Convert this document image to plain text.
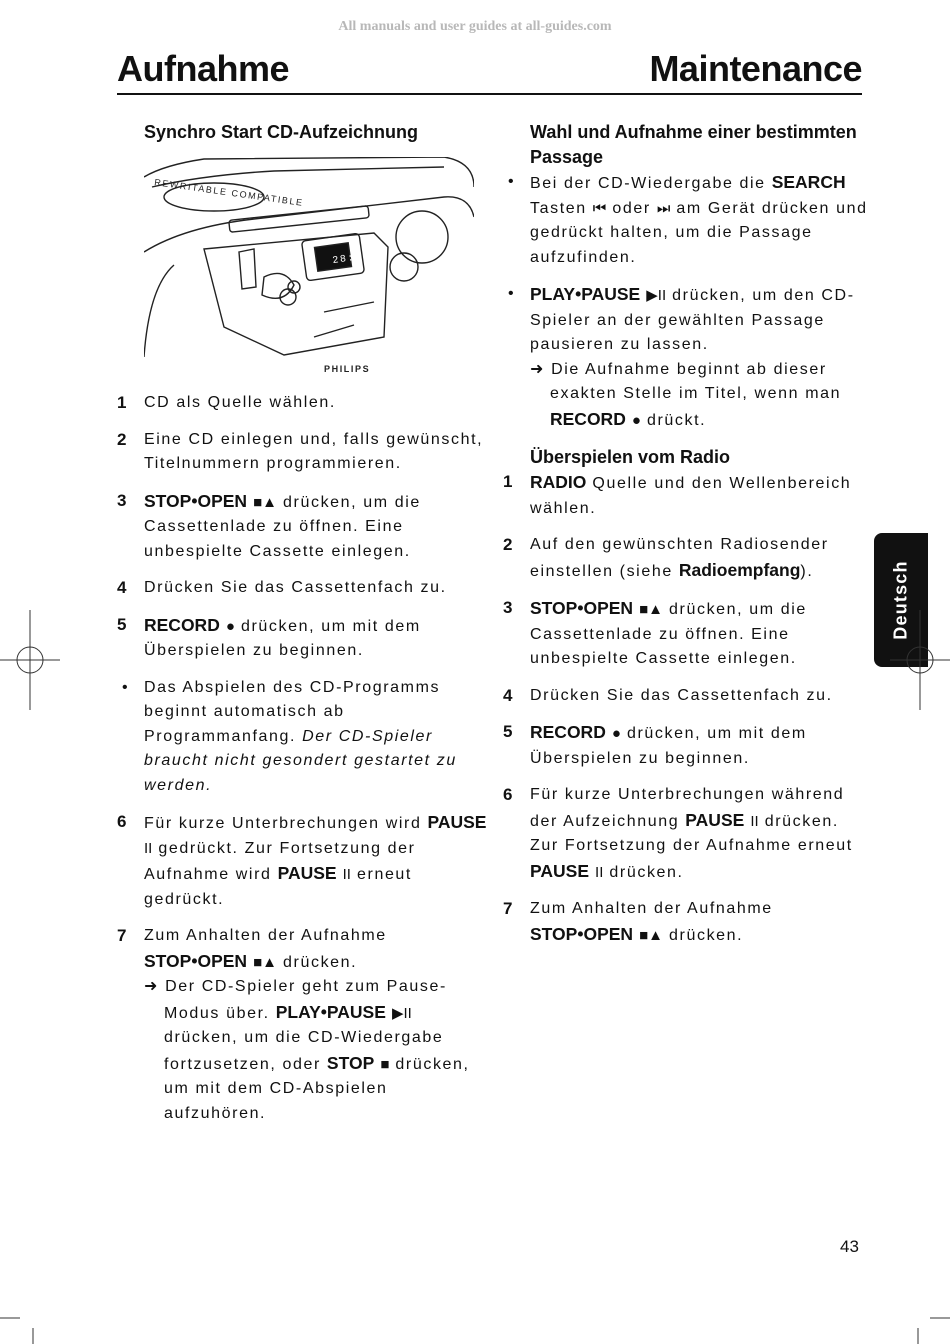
All manuals and user guides at all-guides.com
Aufnahme	Maintenance
Synchro Start CD-Aufzeichnung
REWRITABLE COMPATIBLE
PHILIPS
28:50
1 CD als Quelle wählen.
2 Eine CD einlegen und, falls gewünscht, Titelnummern programmieren.
3 STOP•OPEN ■▲ drücken, um die Cassettenlade zu öffnen. Eine unbespielte Cassette einlegen.
4 Drücken Sie das Cassettenfach zu.
5 RECORD ● drücken, um mit dem Überspielen zu beginnen.
• Das Abspielen des CD-Programms beginnt automatisch ab Programmanfang. Der CD-Spieler braucht nicht gesondert gestartet zu werden.
6 Für kurze Unterbrechungen wird PAUSE II gedrückt. Zur Fortsetzung der Aufnahme wird PAUSE II erneut gedrückt.
7 Zum Anhalten der Aufnahme STOP•OPEN ■▲ drücken.
➜ Der CD-Spieler geht zum Pause-Modus über. PLAY•PAUSE ▶II drücken, um die CD-Wiedergabe fortzusetzen, oder STOP ■ drücken, um mit dem CD-Abspielen aufzuhören.
Wahl und Aufnahme einer bestimmten Passage
• Bei der CD-Wiedergabe die SEARCH Tasten ⏮ oder ⏭ am Gerät drücken und gedrückt halten, um die Passage aufzufinden.
• PLAY•PAUSE ▶II drücken, um den CD-Spieler an der gewählten Passage pausieren zu lassen.
➜ Die Aufnahme beginnt ab dieser exakten Stelle im Titel, wenn man RECORD ● drückt.
Überspielen vom Radio
1 RADIO Quelle und den Wellenbereich wählen.
2 Auf den gewünschten Radiosender einstellen (siehe Radioempfang).
3 STOP•OPEN ■▲ drücken, um die Cassettenlade zu öffnen. Eine unbespielte Cassette einlegen.
4 Drücken Sie das Cassettenfach zu.
5 RECORD ● drücken, um mit dem Überspielen zu beginnen.
6 Für kurze Unterbrechungen während der Aufzeichnung PAUSE II drücken. Zur Fortsetzung der Aufnahme erneut PAUSE II drücken.
7 Zum Anhalten der Aufnahme STOP•OPEN ■▲ drücken.
Deutsch
43
